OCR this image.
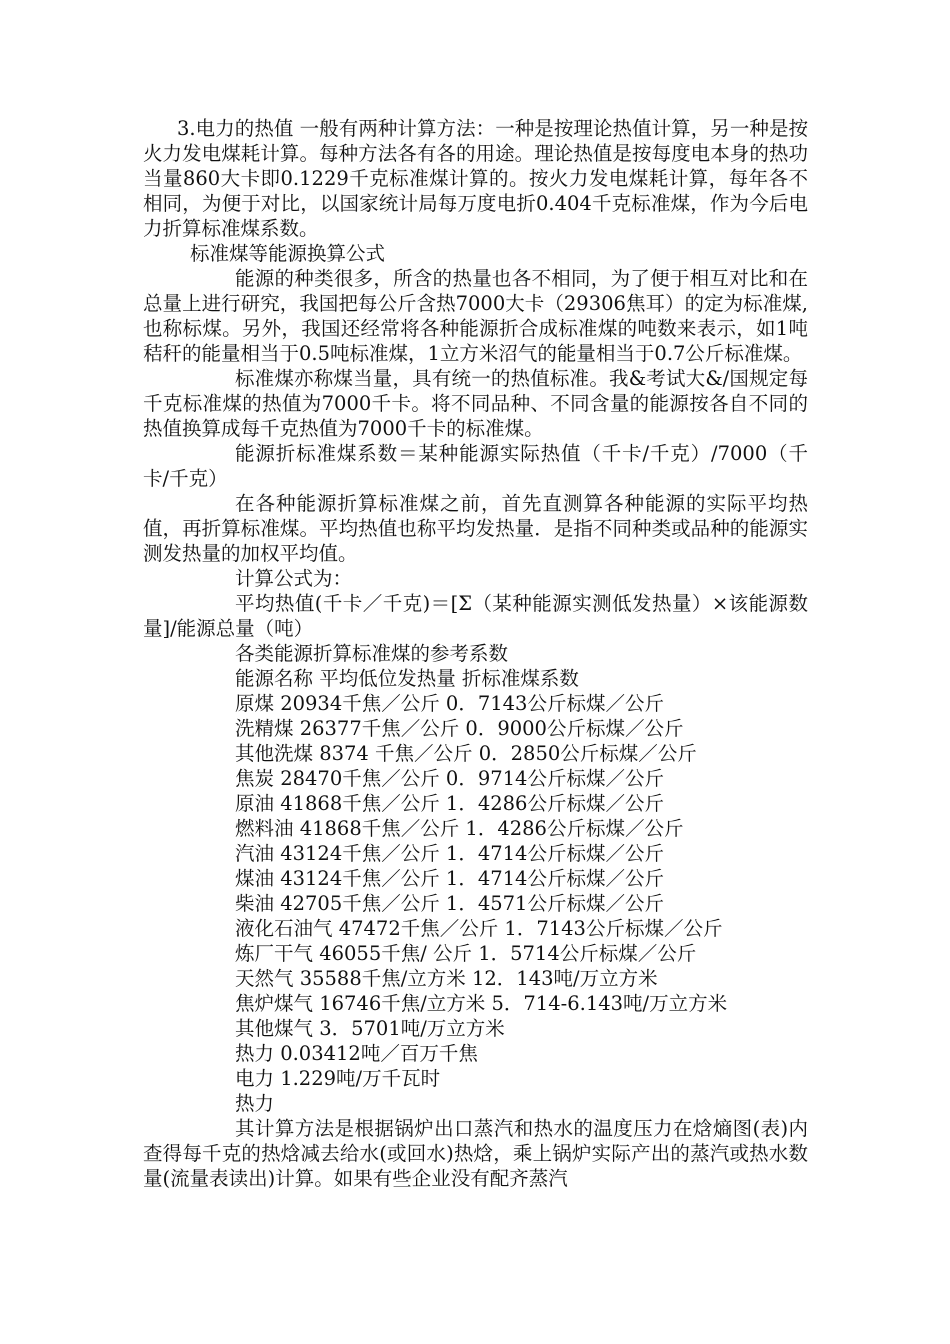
3.电力的热值 一般有两种计算方法：一种是按理论热值计算，另一种是按火力发电煤耗计算。每种方法各有各的用途。理论热值是按每度电本身的热功当量860大卡即0.1229千克标准煤计算的。按火力发电煤耗计算，每年各不相同，为便于对比，以国家统计局每万度电折0.404千克标准煤，作为今后电力折算标准煤系数。

标准煤等能源换算公式

能源的种类很多，所含的热量也各不相同，为了便于相互对比和在总量上进行研究，我国把每公斤含热7000大卡（29306焦耳）的定为标准煤,也称标煤。另外，我国还经常将各种能源折合成标准煤的吨数来表示，如1吨秸秆的能量相当于0.5吨标准煤，1立方米沼气的能量相当于0.7公斤标准煤。

标准煤亦称煤当量，具有统一的热值标准。我&考试大&/国规定每千克标准煤的热值为7000千卡。将不同品种、不同含量的能源按各自不同的热值换算成每千克热值为7000千卡的标准煤。

能源折标准煤系数＝某种能源实际热值（千卡/千克）/7000（千卡/千克）

在各种能源折算标准煤之前，首先直测算各种能源的实际平均热值，再折算标准煤。平均热值也称平均发热量．是指不同种类或品种的能源实测发热量的加权平均值。

计算公式为：

平均热值(千卡／千克)＝[Σ（某种能源实测低发热量）×该能源数量]/能源总量（吨）

各类能源折算标准煤的参考系数

能源名称 平均低位发热量 折标准煤系数

原煤 20934千焦／公斤 0．7143公斤标煤／公斤

洗精煤 26377千焦／公斤 0．9000公斤标煤／公斤

其他洗煤 8374 千焦／公斤 0．2850公斤标煤／公斤

焦炭 28470千焦／公斤 0．9714公斤标煤／公斤

原油 41868千焦／公斤 1．4286公斤标煤／公斤

燃料油 41868千焦／公斤 1．4286公斤标煤／公斤

汽油 43124千焦／公斤 1．4714公斤标煤／公斤

煤油 43124千焦／公斤 1．4714公斤标煤／公斤

柴油 42705千焦／公斤 1．4571公斤标煤／公斤

液化石油气 47472千焦／公斤 1．7143公斤标煤／公斤

炼厂干气 46055千焦/ 公斤 1．5714公斤标煤／公斤

天然气 35588千焦/立方米 12．143吨/万立方米

焦炉煤气 16746千焦/立方米 5．714-6.143吨/万立方米

其他煤气 3．5701吨/万立方米

热力 0.03412吨／百万千焦

电力 1.229吨/万千瓦时

热力

其计算方法是根据锅炉出口蒸汽和热水的温度压力在焓熵图(表)内查得每千克的热焓减去给水(或回水)热焓，乘上锅炉实际产出的蒸汽或热水数量(流量表读出)计算。如果有些企业没有配齐蒸汽
